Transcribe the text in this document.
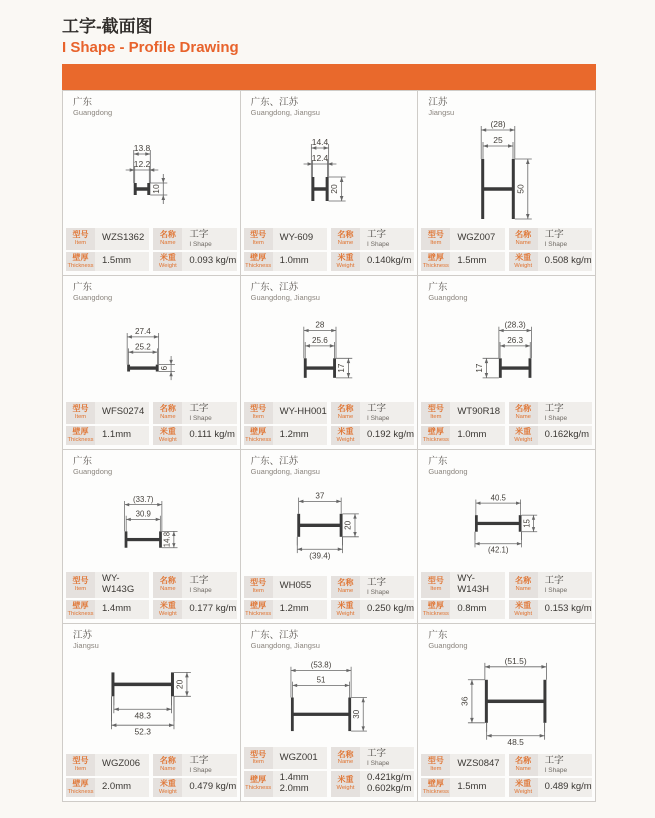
工字-截面图
I Shape - Profile Drawing
广东
Guangdong
13.8
12.2
10
型号
Item WZS1362	名称
Name
工字
I Shape
壁厚
Thickness 1.5mm	米重
Weight 0.093 kg/m
广东、江苏
Guangdong, Jiangsu
14.4
12.4
20
型号
Item WY-609	名称
Name
工字
I Shape
壁厚
Thickness 1.0mm	米重
Weight 0.140kg/m
江苏
Jiangsu
(28)
25
50
型号
Item WGZ007	名称
Name
工字
I Shape
壁厚
Thickness 1.5mm	米重
Weight 0.508 kg/m
广东
Guangdong
27.4
25.2
6
型号
Item WFS0274	名称
Name
工字
I Shape
壁厚
Thickness 1.1mm	米重
Weight 0.111 kg/m
广东、江苏
Guangdong, Jiangsu
28
25.6
17
型号
Item WY-HH001 名称
Name
工字
I Shape
壁厚
Thickness 1.2mm	米重
Weight 0.192 kg/m
广东
Guangdong
(28.3)
26.3
17
型号
Item WT90R18	名称
Name
工字
I Shape
壁厚
Thickness 1.0mm	米重
Weight 0.162kg/m
广东
Guangdong
(33.7)
30.9
14.8
型号
Item
WY-W143G
名称
Name
工字
I Shape
壁厚
Thickness 1.4mm	米重
Weight 0.177 kg/m
广东、江苏
Guangdong, Jiangsu
37
(39.4)
20
型号
Item WH055	名称
Name
工字
I Shape
壁厚
Thickness 1.2mm	米重
Weight 0.250 kg/m
广东
Guangdong
40.5
(42.1)
15
型号
Item
WY-W143H
名称
Name
工字
I Shape
壁厚
Thickness 0.8mm	米重
Weight 0.153 kg/m
江苏
Jiangsu
48.3
52.3
20
型号
Item WGZ006	名称
Name
工字
I Shape
壁厚
Thickness 2.0mm	米重
Weight 0.479 kg/m
广东、江苏
Guangdong, Jiangsu
(53.8)
51
30
型号
Item WGZ001	名称
Name
工字
I Shape
壁厚
Thickness
1.4mm
2.0mm
米重
Weight
0.421kg/m
0.602kg/m
广东
Guangdong
(51.5)
48.5
36
型号
Item WZS0847	名称
Name
工字
I Shape
壁厚
Thickness 1.5mm	米重
Weight 0.489 kg/m
